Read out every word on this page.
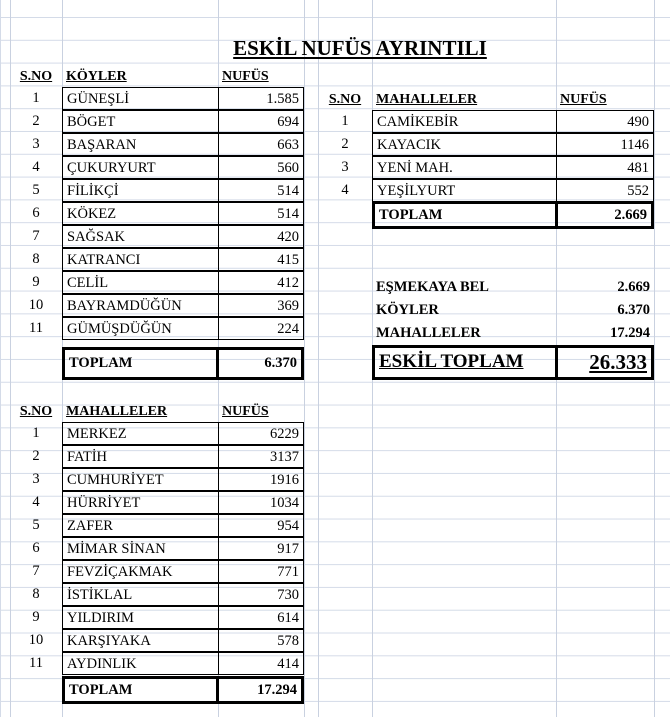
ESKİL NUFÜS AYRINTILI
S.NO KÖYLER	NUFÜS
1	GÜNEŞLİ	1.585
2	BÖGET	694
3	BAŞARAN	663
4	ÇUKURYURT	560
5	FİLİKÇİ	514
6	KÖKEZ	514
7	SAĞSAK	420
8	KATRANCI	415
9	CELİL	412
10	BAYRAMDÜĞÜN	369
11	GÜMÜŞDÜĞÜN	224
TOPLAM	6.370
S.NO	MAHALLELER	NUFÜS
1	CAMİKEBİR	490
2	KAYACIK	1146
3	YENİ MAH.	481
4	YEŞİLYURT	552
TOPLAM	2.669
EŞMEKAYA BEL	2.669
KÖYLER	6.370
MAHALLELER	17.294
ESKİL TOPLAM	26.333
S.NO MAHALLELER	NUFÜS
1	MERKEZ	6229
2	FATİH	3137
3	CUMHURİYET	1916
4	HÜRRİYET	1034
5	ZAFER	954
6	MİMAR SİNAN	917
7	FEVZİÇAKMAK	771
8	İSTİKLAL	730
9	YILDIRIM	614
10	KARŞIYAKA	578
11	AYDINLIK	414
TOPLAM	17.294
